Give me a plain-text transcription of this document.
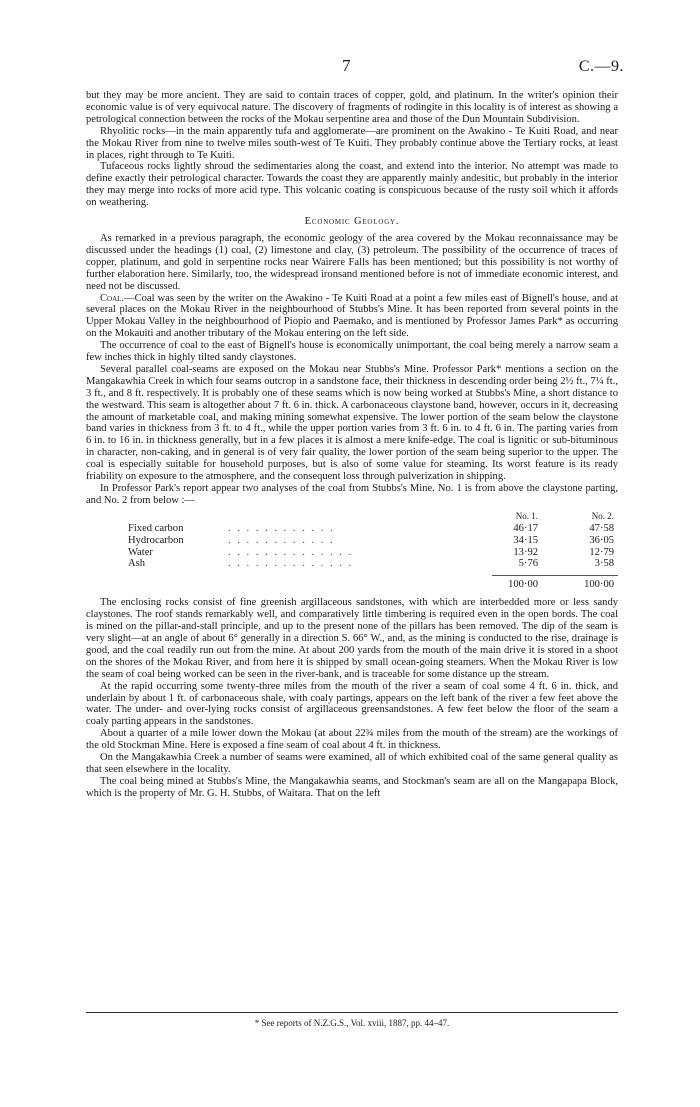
7	C.—9.

but they may be more ancient. They are said to contain traces of copper, gold, and platinum. In the writer's opinion their economic value is of very equivocal nature. The discovery of fragments of rodingite in this locality is of interest as showing a petrological connection between the rocks of the Mokau serpentine area and those of the Dun Mountain Subdivision.

Rhyolitic rocks—in the main apparently tufa and agglomerate—are prominent on the Awakino - Te Kuiti Road, and near the Mokau River from nine to twelve miles south-west of Te Kuiti. They probably continue above the Tertiary rocks, at least in places, right through to Te Kuiti.

Tufaceous rocks lightly shroud the sedimentaries along the coast, and extend into the interior. No attempt was made to define exactly their petrological character. Towards the coast they are apparently mainly andesitic, but probably in the interior they may merge into rocks of more acid type. This volcanic coating is conspicuous because of the rusty soil which it affords on weathering.

Economic Geology.

As remarked in a previous paragraph, the economic geology of the area covered by the Mokau reconnaissance may be discussed under the headings (1) coal, (2) limestone and clay, (3) petroleum. The possibility of the occurrence of traces of copper, platinum, and gold in serpentine rocks near Wairere Falls has been mentioned; but this possibility is not worthy of further elaboration here. Similarly, too, the widespread ironsand mentioned before is not of immediate economic interest, and need not be discussed.

Coal.—Coal was seen by the writer on the Awakino - Te Kuiti Road at a point a few miles east of Bignell's house, and at several places on the Mokau River in the neighbourhood of Stubbs's Mine. It has been reported from several points in the Upper Mokau Valley in the neighbourhood of Piopio and Paemako, and is mentioned by Professor James Park* as occurring on the Mokauiti and another tributary of the Mokau entering on the left side.

The occurrence of coal to the east of Bignell's house is economically unimportant, the coal being merely a narrow seam a few inches thick in highly tilted sandy claystones.

Several parallel coal-seams are exposed on the Mokau near Stubbs's Mine. Professor Park* mentions a section on the Mangakawhia Creek in which four seams outcrop in a sandstone face, their thickness in descending order being 2½ ft., 7¼ ft., 3 ft., and 8 ft. respectively. It is probably one of these seams which is now being worked at Stubbs's Mine, a short distance to the westward. This seam is altogether about 7 ft. 6 in. thick. A carbonaceous claystone band, however, occurs in it, decreasing the amount of marketable coal, and making mining somewhat expensive. The lower portion of the seam below the claystone band varies in thickness from 3 ft. to 4 ft., while the upper portion varies from 3 ft. 6 in. to 4 ft. 6 in. The parting varies from 6 in. to 16 in. in thickness generally, but in a few places it is almost a mere knife-edge. The coal is lignitic or sub-bituminous in character, non-caking, and in general is of very fair quality, the lower portion of the seam being superior to the upper. The coal is especially suitable for household purposes, but is also of some value for steaming. Its worst feature is its ready friability on exposure to the atmosphere, and the consequent loss through pulverization in shipping.

In Professor Park's report appear two analyses of the coal from Stubbs's Mine. No. 1 is from above the claystone parting, and No. 2 from below :—

		No. 1.	No. 2.
Fixed carbon	. . . . . . . . . . . .	46·17	47·58
Hydrocarbon	. . . . . . . . . . . .	34·15	36·05
Water	. . . . . . . . . . . . . .	13·92	12·79
Ash	. . . . . . . . . . . . . .	5·76	3·58

		100·00	100·00

The enclosing rocks consist of fine greenish argillaceous sandstones, with which are interbedded more or less sandy claystones. The roof stands remarkably well, and comparatively little timbering is required even in the open bords. The coal is mined on the pillar-and-stall principle, and up to the present none of the pillars has been removed. The dip of the seam is very slight—at an angle of about 6° generally in a direction S. 66° W., and, as the mining is conducted to the rise, drainage is good, and the coal readily run out from the mine. At about 200 yards from the mouth of the main drive it is stored in a shoot on the shores of the Mokau River, and from here it is shipped by small ocean-going steamers. When the Mokau River is low the seam of coal being worked can be seen in the river-bank, and is traceable for some distance up the stream.

At the rapid occurring some twenty-three miles from the mouth of the river a seam of coal some 4 ft. 6 in. thick, and underlain by about 1 ft. of carbonaceous shale, with coaly partings, appears on the left bank of the river a few feet above the water. The under- and over-lying rocks consist of argillaceous greensandstones. A few feet below the floor of the seam a coaly parting appears in the sandstones.

About a quarter of a mile lower down the Mokau (at about 22¾ miles from the mouth of the stream) are the workings of the old Stockman Mine. Here is exposed a fine seam of coal about 4 ft. in thickness.

On the Mangakawhia Creek a number of seams were examined, all of which exhibited coal of the same general quality as that seen elsewhere in the locality.

The coal being mined at Stubbs's Mine, the Mangakawhia seams, and Stockman's seam are all on the Mangapapa Block, which is the property of Mr. G. H. Stubbs, of Waitara. That on the left

* See reports of N.Z.G.S., Vol. xviii, 1887, pp. 44–47.
